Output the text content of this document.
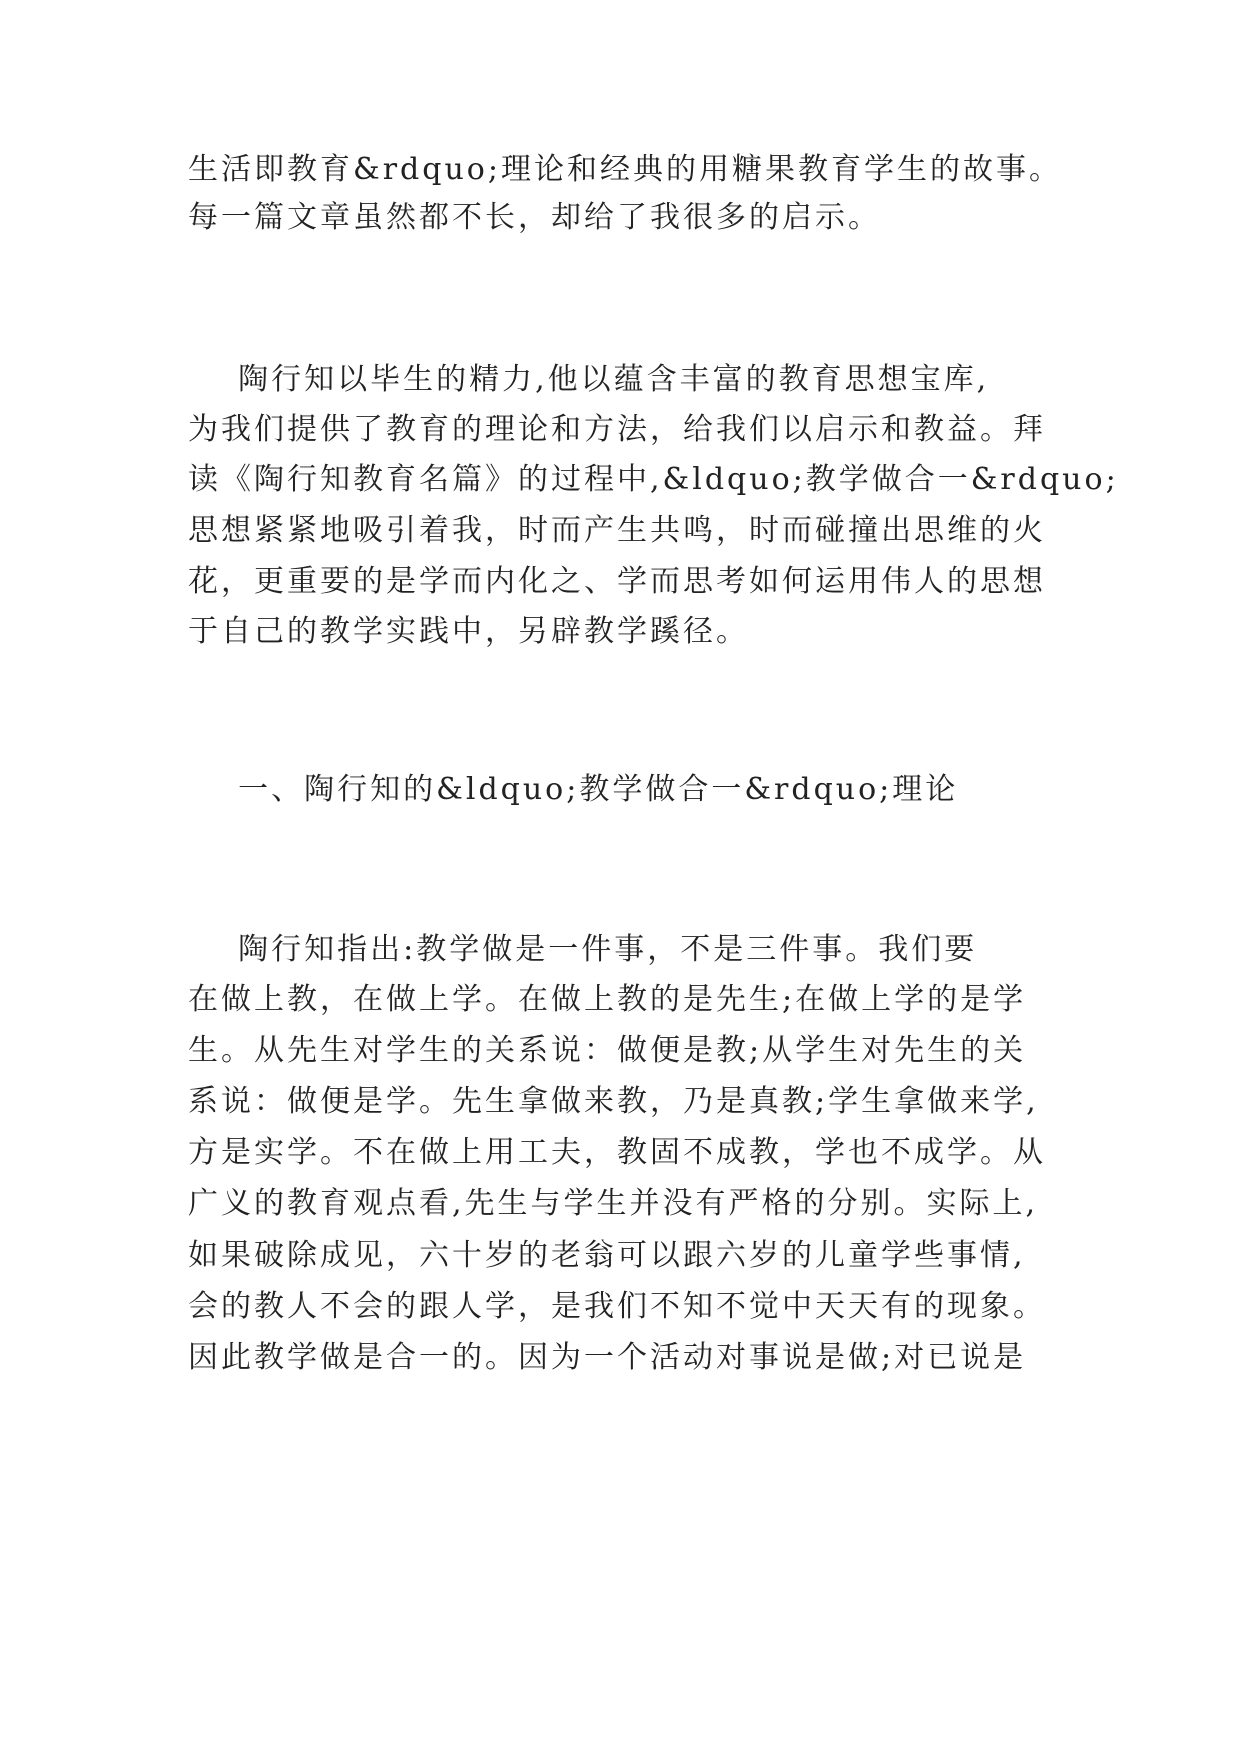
生活即教育&rdquo;理论和经典的用糖果教育学生的故事。
每一篇文章虽然都不长，却给了我很多的启示。
陶行知以毕生的精力,他以蕴含丰富的教育思想宝库,
为我们提供了教育的理论和方法，给我们以启示和教益。拜
读《陶行知教育名篇》的过程中,&ldquo;教学做合一&rdquo;
思想紧紧地吸引着我，时而产生共鸣，时而碰撞出思维的火
花，更重要的是学而内化之、学而思考如何运用伟人的思想
于自己的教学实践中，另辟教学蹊径。
一、陶行知的&ldquo;教学做合一&rdquo;理论
陶行知指出:教学做是一件事，不是三件事。我们要
在做上教，在做上学。在做上教的是先生;在做上学的是学
生。从先生对学生的关系说：做便是教;从学生对先生的关
系说：做便是学。先生拿做来教，乃是真教;学生拿做来学,
方是实学。不在做上用工夫，教固不成教，学也不成学。从
广义的教育观点看,先生与学生并没有严格的分别。实际上,
如果破除成见，六十岁的老翁可以跟六岁的儿童学些事情,
会的教人不会的跟人学，是我们不知不觉中天天有的现象。
因此教学做是合一的。因为一个活动对事说是做;对已说是
